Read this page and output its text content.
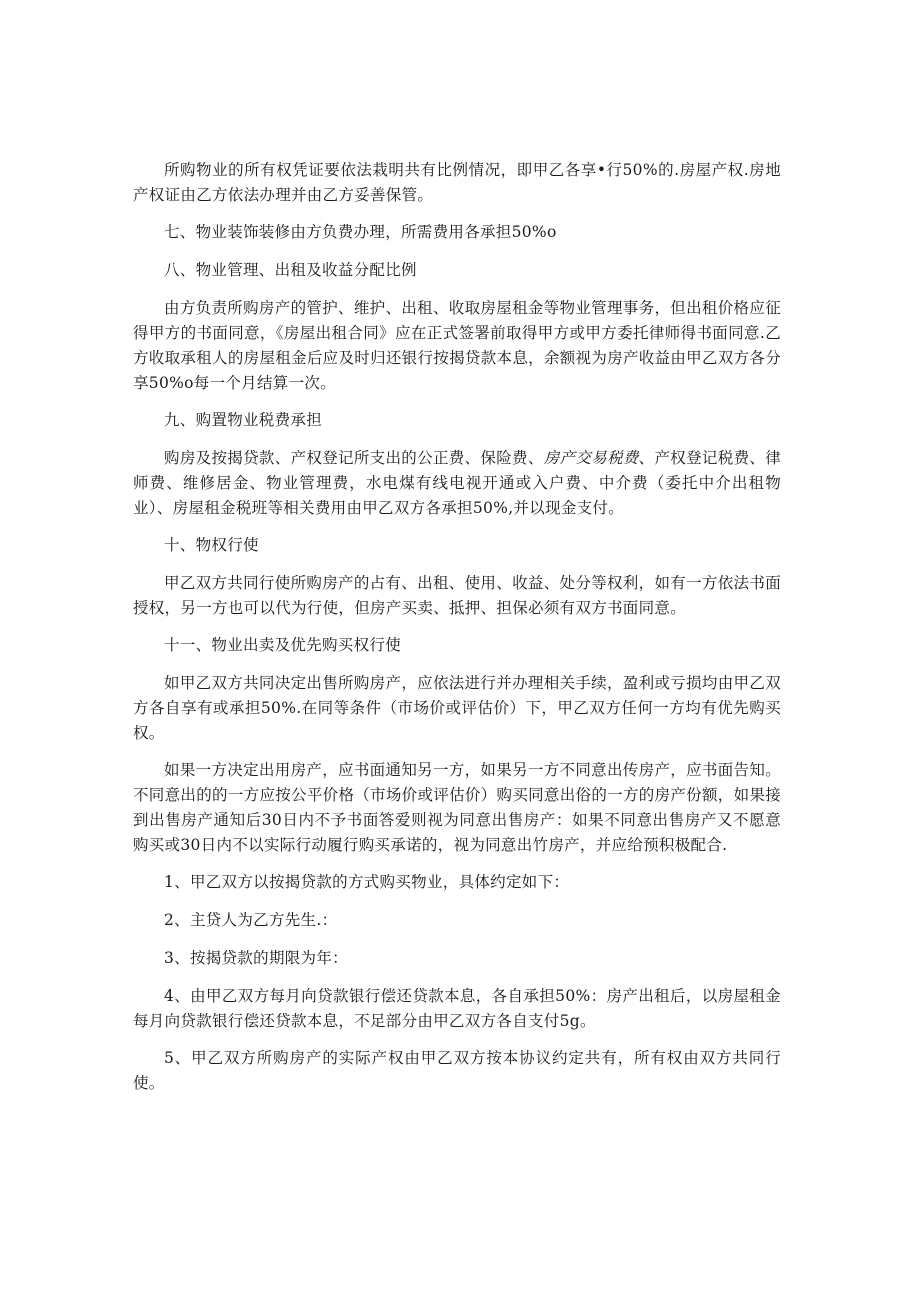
所购物业的所有权凭证要依法栽明共有比例情况，即甲乙各享•行50%的.房屋产权.房地产权证由乙方依法办理并由乙方妥善保管。

七、物业装饰装修由方负费办理，所需费用各承担50%o

八、物业管理、出租及收益分配比例

由方负责所购房产的管护、维护、出租、收取房屋租金等物业管理事务，但出租价格应征得甲方的书面同意，《房屋出租合同》应在正式签署前取得甲方或甲方委托律师得书面同意.乙方收取承租人的房屋租金后应及时归还银行按揭贷款本息，余额视为房产收益由甲乙双方各分享50%o每一个月结算一次。

九、购置物业税费承担

购房及按揭贷款、产权登记所支出的公正费、保险费、房产交易税费、产权登记税费、律师费、维修居金、物业管理费，水电煤有线电视开通或入户费、中介费（委托中介出租物业）、房屋租金税班等相关费用由甲乙双方各承担50%,并以现金支付。

十、物权行使

甲乙双方共同行使所购房产的占有、出租、使用、收益、处分等权利，如有一方依法书面授权，另一方也可以代为行使，但房产买卖、抵押、担保必须有双方书面同意。

十一、物业出卖及优先购买权行使

如甲乙双方共同决定出售所购房产，应依法进行并办理相关手续，盈利或亏损均由甲乙双方各自享有或承担50%.在同等条件（市场价或评估价）下，甲乙双方任何一方均有优先购买权。

如果一方决定出用房产，应书面通知另一方，如果另一方不同意出传房产，应书面告知。不同意出的的一方应按公平价格（市场价或评估价）购买同意出俗的一方的房产份额，如果接到出售房产通知后30日内不予书面答爱则视为同意出售房产：如果不同意出售房产又不愿意购买或30日内不以实际行动履行购买承诺的，视为同意出竹房产，并应给预积极配合.

1、甲乙双方以按揭贷款的方式购买物业，具体约定如下：

2、主贷人为乙方先生.：

3、按揭贷款的期限为年：

4、由甲乙双方每月向贷款银行偿还贷款本息，各自承担50%：房产出租后，以房屋租金每月向贷款银行偿还贷款本息，不足部分由甲乙双方各自支付5g。

5、甲乙双方所购房产的实际产权由甲乙双方按本协议约定共有，所有权由双方共同行使。
